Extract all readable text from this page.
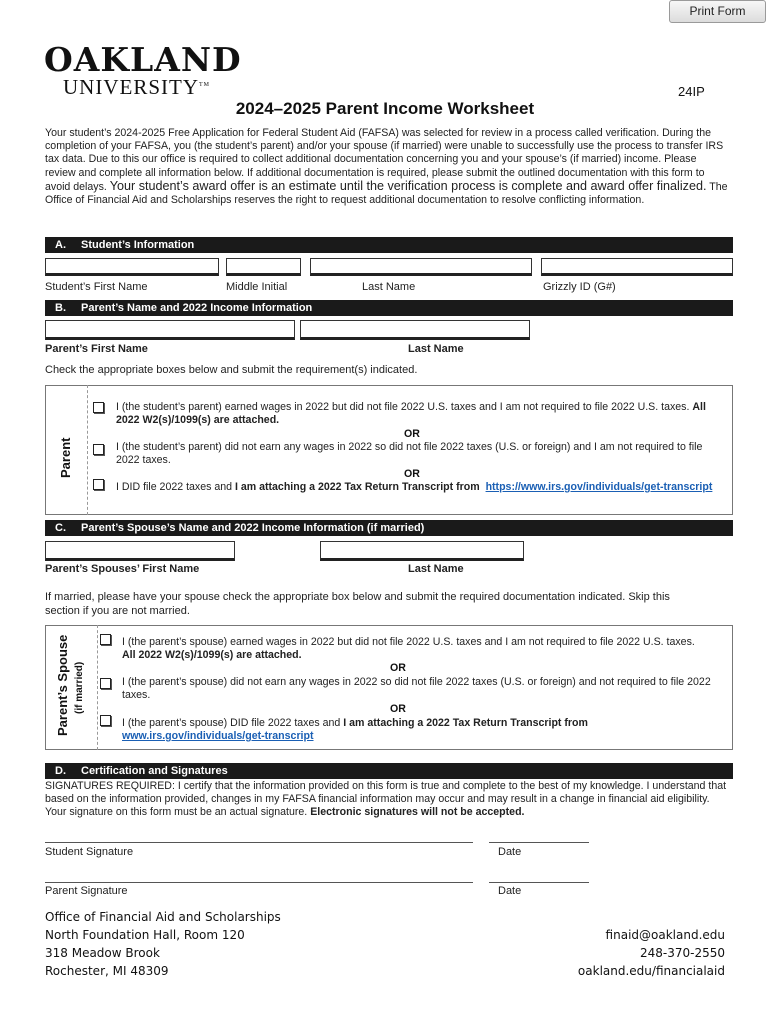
Print Form
OAKLAND
UNIVERSITY™	24IP
2024–2025 Parent Income Worksheet
Your student’s 2024-2025 Free Application for Federal Student Aid (FAFSA) was selected for review in a process called verification. During the completion of your FAFSA, you (the student’s parent) and/or your spouse (if married) were unable to successfully use the process to transfer IRS tax data. Due to this our office is required to collect additional documentation concerning you and your spouse’s (if married) income. Please review and complete all information below. If additional documentation is required, please submit the outlined documentation with this form to avoid delays. Your student’s award offer is an estimate until the verification process is complete and award offer finalized. The Office of Financial Aid and Scholarships reserves the right to request additional documentation to resolve conflicting information.
A. Student’s Information
Student’s First Name	Middle Initial	Last Name	Grizzly ID (G#)
B. Parent’s Name and 2022 Income Information
Parent’s First Name	Last Name
Check the appropriate boxes below and submit the requirement(s) indicated.
Parent
I (the student’s parent) earned wages in 2022 but did not file 2022 U.S. taxes and I am not required to file 2022 U.S. taxes. All 2022 W2(s)/1099(s) are attached.
OR
I (the student’s parent) did not earn any wages in 2022 so did not file 2022 taxes (U.S. or foreign) and I am not required to file 2022 taxes.
OR
I DID file 2022 taxes and I am attaching a 2022 Tax Return Transcript from https://www.irs.gov/individuals/get-transcript
C. Parent’s Spouse’s Name and 2022 Income Information (if married)
Parent’s Spouses’ First Name	Last Name
If married, please have your spouse check the appropriate box below and submit the required documentation indicated. Skip this section if you are not married.
Parent’s Spouse (if married)
I (the parent’s spouse) earned wages in 2022 but did not file 2022 U.S. taxes and I am not required to file 2022 U.S. taxes. All 2022 W2(s)/1099(s) are attached.
OR
I (the parent’s spouse) did not earn any wages in 2022 so did not file 2022 taxes (U.S. or foreign) and not required to file 2022 taxes.
OR
I (the parent’s spouse) DID file 2022 taxes and I am attaching a 2022 Tax Return Transcript from
www.irs.gov/individuals/get-transcript
D. Certification and Signatures
SIGNATURES REQUIRED: I certify that the information provided on this form is true and complete to the best of my knowledge. I understand that based on the information provided, changes in my FAFSA financial information may occur and may result in a change in financial aid eligibility. Your signature on this form must be an actual signature. Electronic signatures will not be accepted.
Student Signature	Date
Parent Signature	Date
Office of Financial Aid and Scholarships
North Foundation Hall, Room 120
318 Meadow Brook
Rochester, MI 48309
finaid@oakland.edu
248-370-2550
oakland.edu/financialaid
